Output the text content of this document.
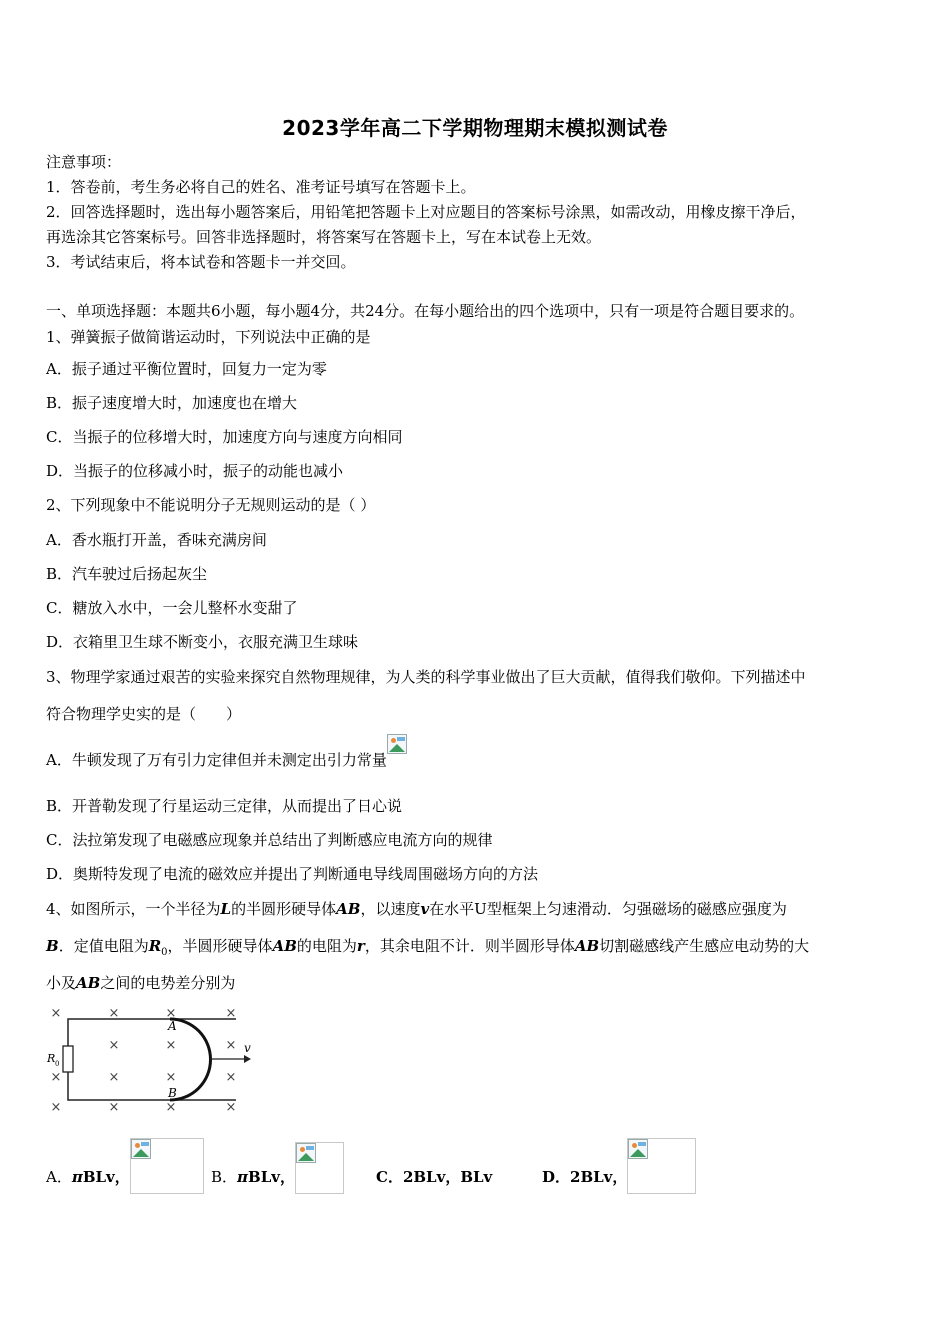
2023学年高二下学期物理期末模拟测试卷
注意事项：
1．答卷前，考生务必将自己的姓名、准考证号填写在答题卡上。
2．回答选择题时，选出每小题答案后，用铅笔把答题卡上对应题目的答案标号涂黑，如需改动，用橡皮擦干净后，
再选涂其它答案标号。回答非选择题时，将答案写在答题卡上，写在本试卷上无效。
3．考试结束后，将本试卷和答题卡一并交回。
一、单项选择题：本题共6小题，每小题4分，共24分。在每小题给出的四个选项中，只有一项是符合题目要求的。
1、弹簧振子做简谐运动时，下列说法中正确的是
A．振子通过平衡位置时，回复力一定为零
B．振子速度增大时，加速度也在增大
C．当振子的位移增大时，加速度方向与速度方向相同
D．当振子的位移减小时，振子的动能也减小
2、下列现象中不能说明分子无规则运动的是（ ）
A．香水瓶打开盖，香味充满房间
B．汽车驶过后扬起灰尘
C．糖放入水中，一会儿整杯水变甜了
D．衣箱里卫生球不断变小，衣服充满卫生球味
3、物理学家通过艰苦的实验来探究自然物理规律，为人类的科学事业做出了巨大贡献，值得我们敬仰。下列描述中
符合物理学史实的是（　　）
A．牛顿发现了万有引力定律但并未测定出引力常量
B．开普勒发现了行星运动三定律，从而提出了日心说
C．法拉第发现了电磁感应现象并总结出了判断感应电流方向的规律
D．奥斯特发现了电流的磁效应并提出了判断通电导线周围磁场方向的方法
4、如图所示，一个半径为L的半圆形硬导体AB，以速度v在水平U型框架上匀速滑动．匀强磁场的磁感应强度为
B．定值电阻为$R_0$，半圆形硬导体AB的电阻为r，其余电阻不计．则半圆形导体AB切割磁感线产生感应电动势的大
小及AB之间的电势差分别为
×	×	×	×
×	×	×
×	×	×	×
×	×	×	×
A
B
v
R 0
A．πBLv，	B．πBLv，	C．2BLv，BLv	D．2BLv，
